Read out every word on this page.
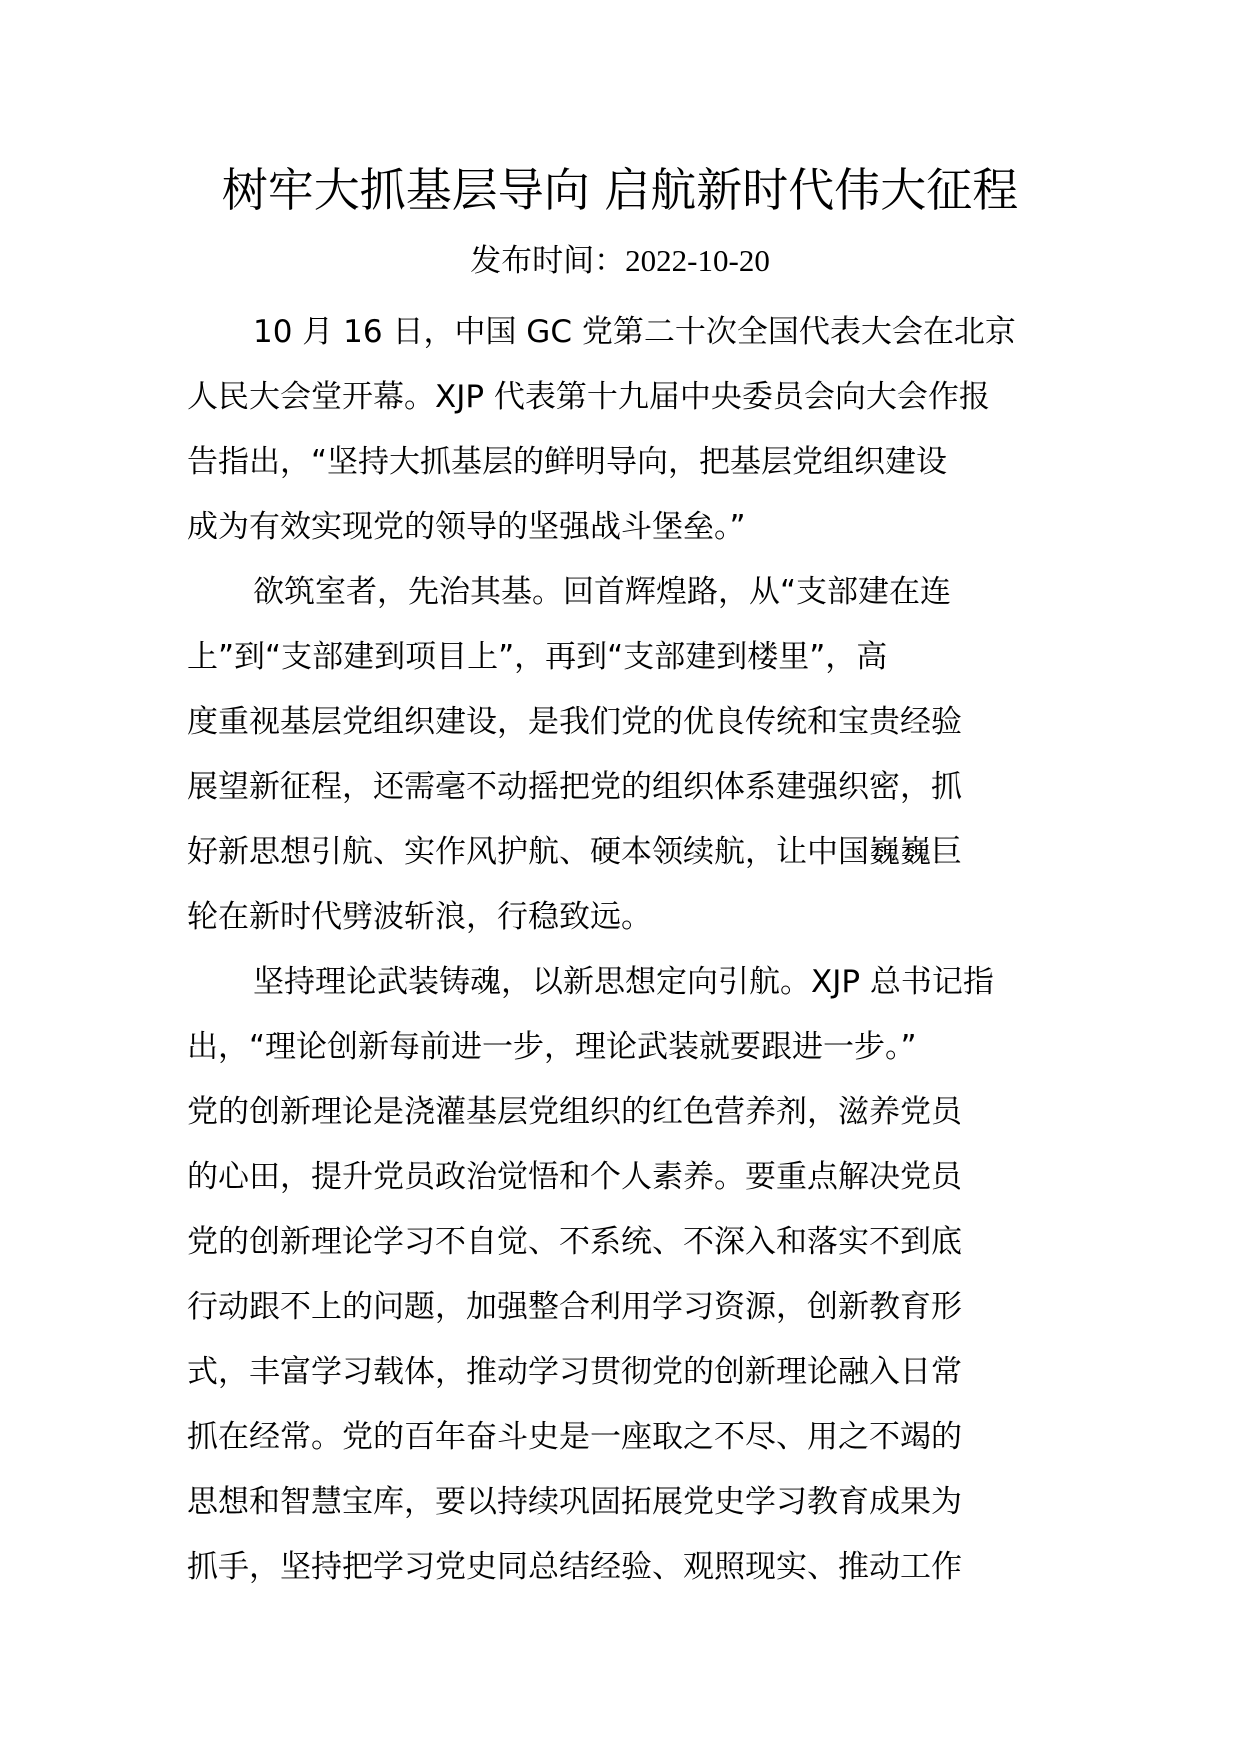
树牢大抓基层导向 启航新时代伟大征程
发布时间：2022-10-20
10 月 16 日，中国 GC 党第二十次全国代表大会在北京
人民大会堂开幕。XJP 代表第十九届中央委员会向大会作报
告指出，“坚持大抓基层的鲜明导向，把基层党组织建设
成为有效实现党的领导的坚强战斗堡垒。”
欲筑室者，先治其基。回首辉煌路，从“支部建在连
上”到“支部建到项目上”，再到“支部建到楼里”，高
度重视基层党组织建设，是我们党的优良传统和宝贵经验
展望新征程，还需毫不动摇把党的组织体系建强织密，抓
好新思想引航、实作风护航、硬本领续航，让中国巍巍巨
轮在新时代劈波斩浪，行稳致远。
坚持理论武装铸魂，以新思想定向引航。XJP 总书记指
出，“理论创新每前进一步，理论武装就要跟进一步。”
党的创新理论是浇灌基层党组织的红色营养剂，滋养党员
的心田，提升党员政治觉悟和个人素养。要重点解决党员
党的创新理论学习不自觉、不系统、不深入和落实不到底
行动跟不上的问题，加强整合利用学习资源，创新教育形
式，丰富学习载体，推动学习贯彻党的创新理论融入日常
抓在经常。党的百年奋斗史是一座取之不尽、用之不竭的
思想和智慧宝库，要以持续巩固拓展党史学习教育成果为
抓手，坚持把学习党史同总结经验、观照现实、推动工作
